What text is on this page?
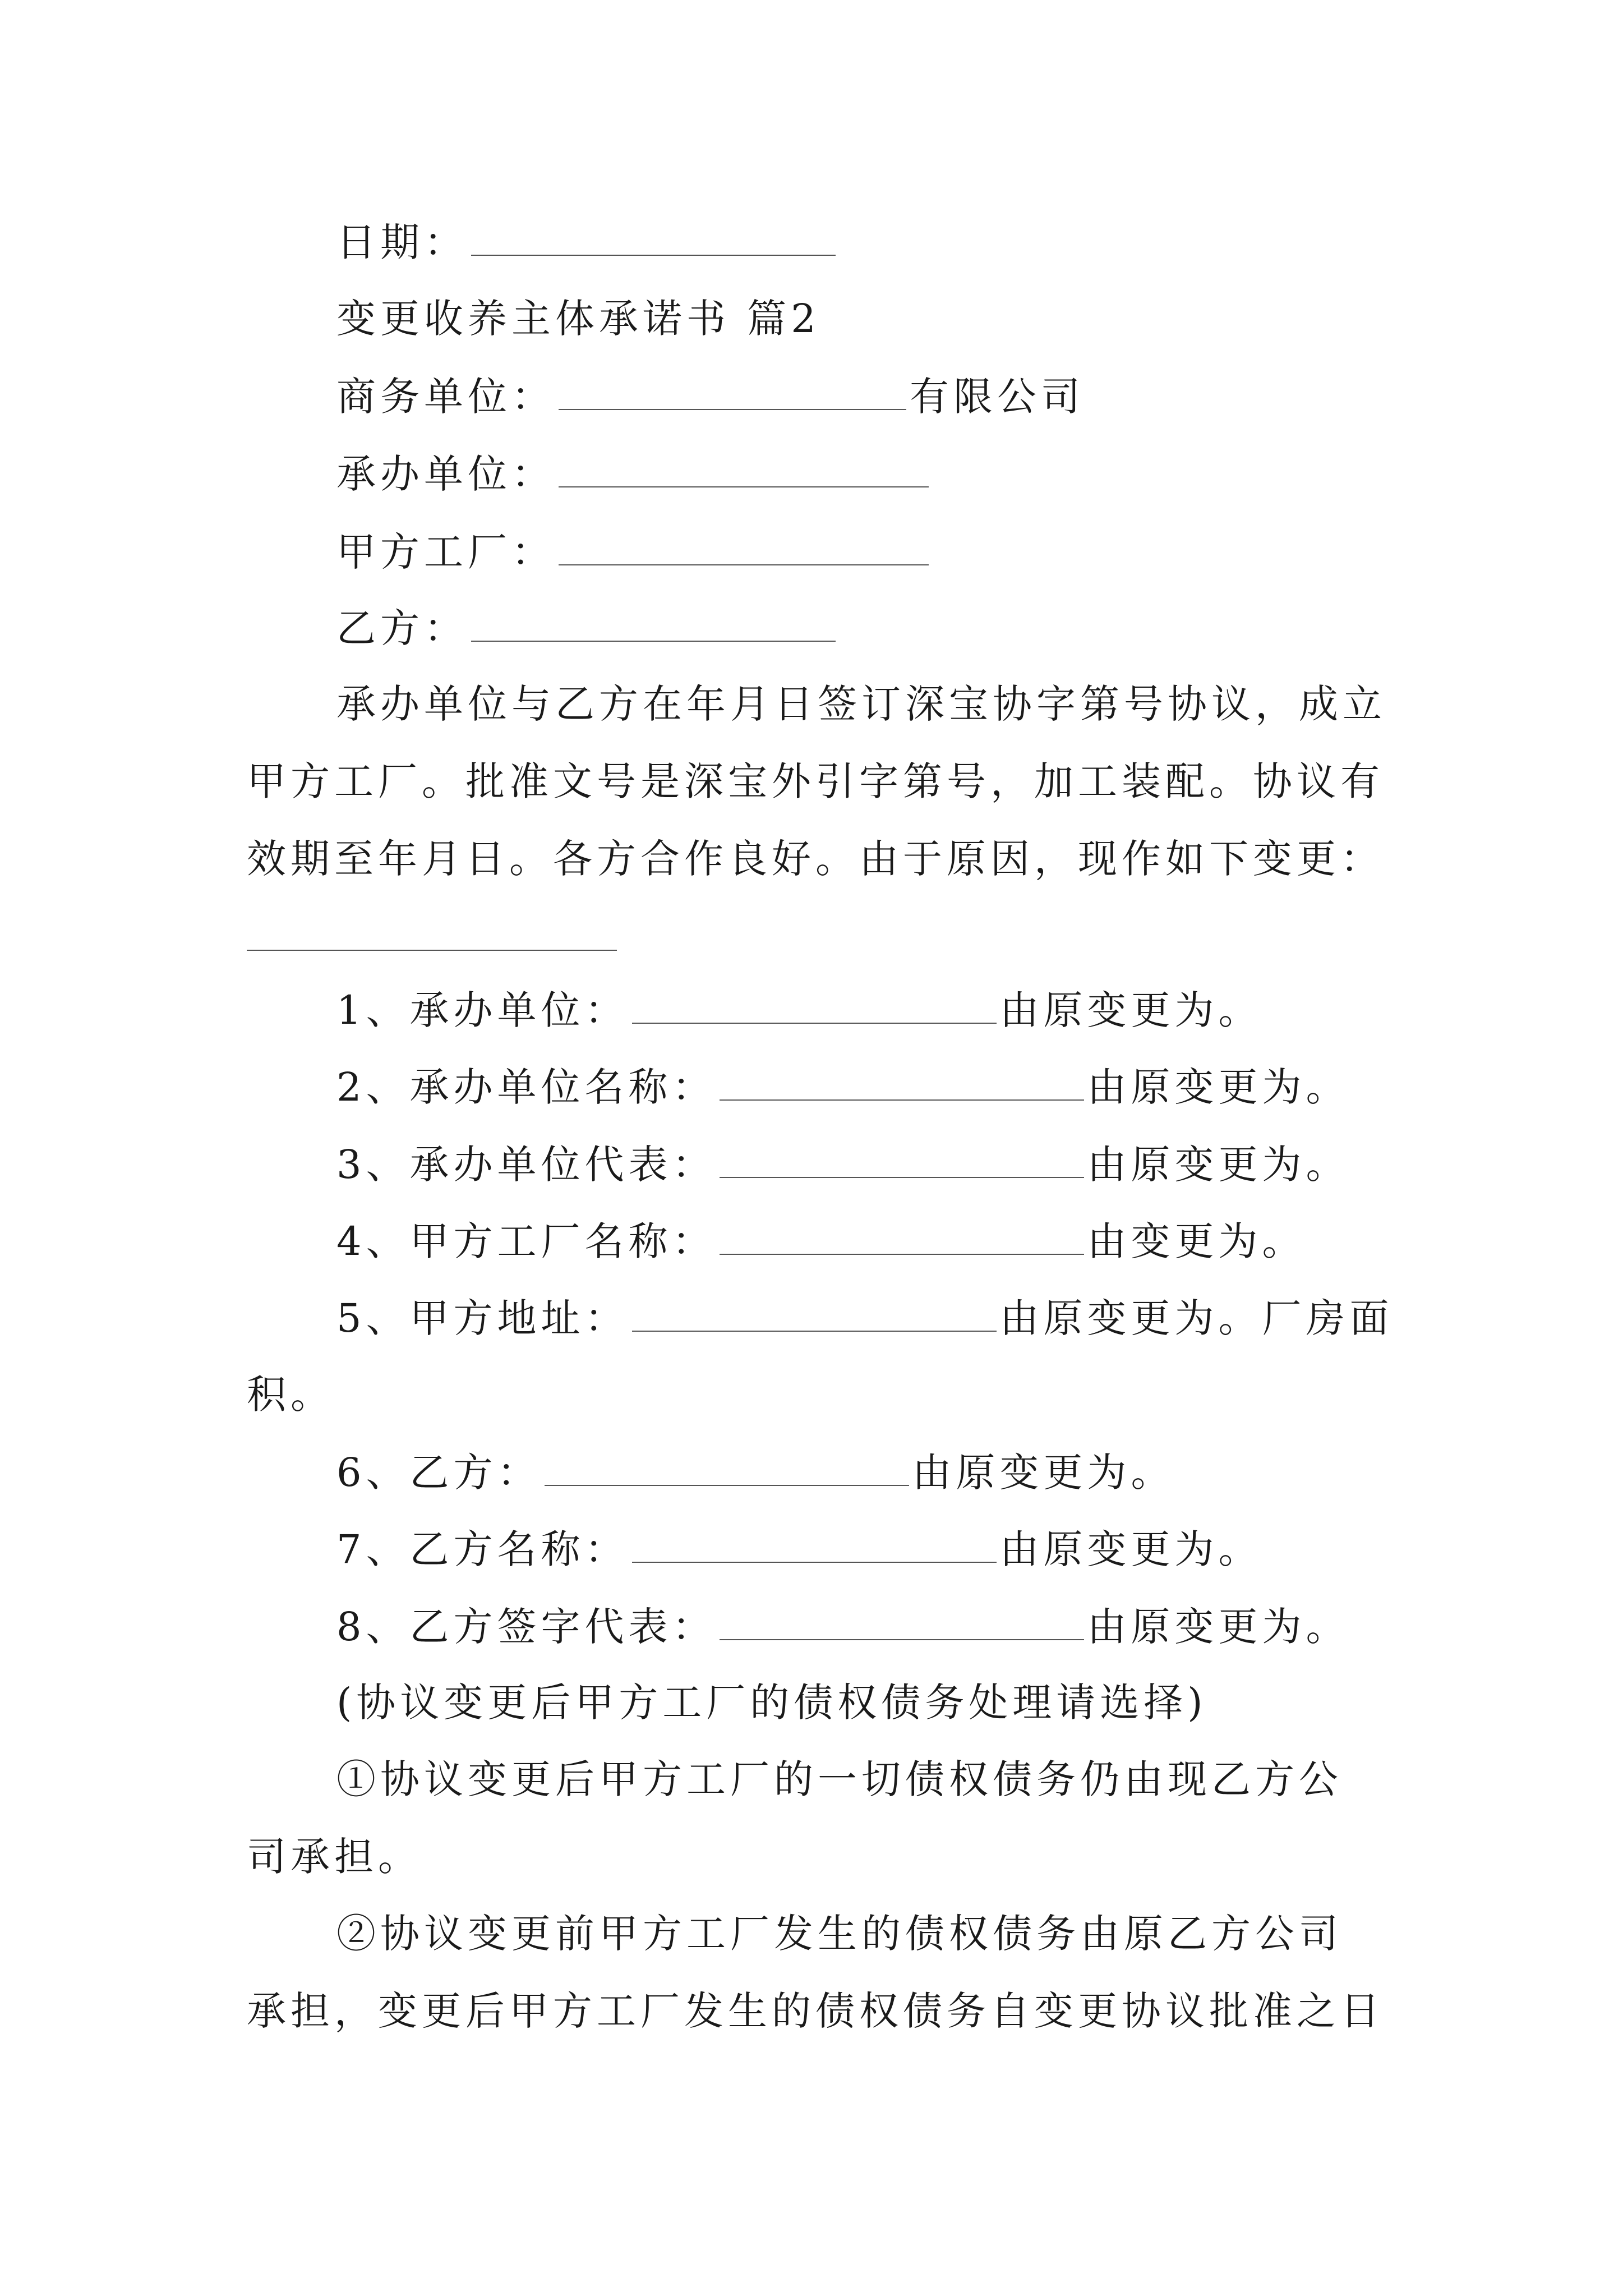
日期：
变更收养主体承诺书 篇2
商务单位：	有限公司
承办单位：
甲方工厂：
乙方：
承办单位与乙方在年月日签订深宝协字第号协议，成立
甲方工厂。批准文号是深宝外引字第号，加工装配。协议有
效期至年月日。各方合作良好。由于原因，现作如下变更：
1、承办单位：	由原变更为。
2、承办单位名称：	由原变更为。
3、承办单位代表：	由原变更为。
4、甲方工厂名称：	由变更为。
5、甲方地址：	由原变更为。厂房面
积。
6、乙方：	由原变更为。
7、乙方名称：	由原变更为。
8、乙方签字代表：	由原变更为。
(协议变更后甲方工厂的债权债务处理请选择)
①协议变更后甲方工厂的一切债权债务仍由现乙方公
司承担。
②协议变更前甲方工厂发生的债权债务由原乙方公司
承担，变更后甲方工厂发生的债权债务自变更协议批准之日
